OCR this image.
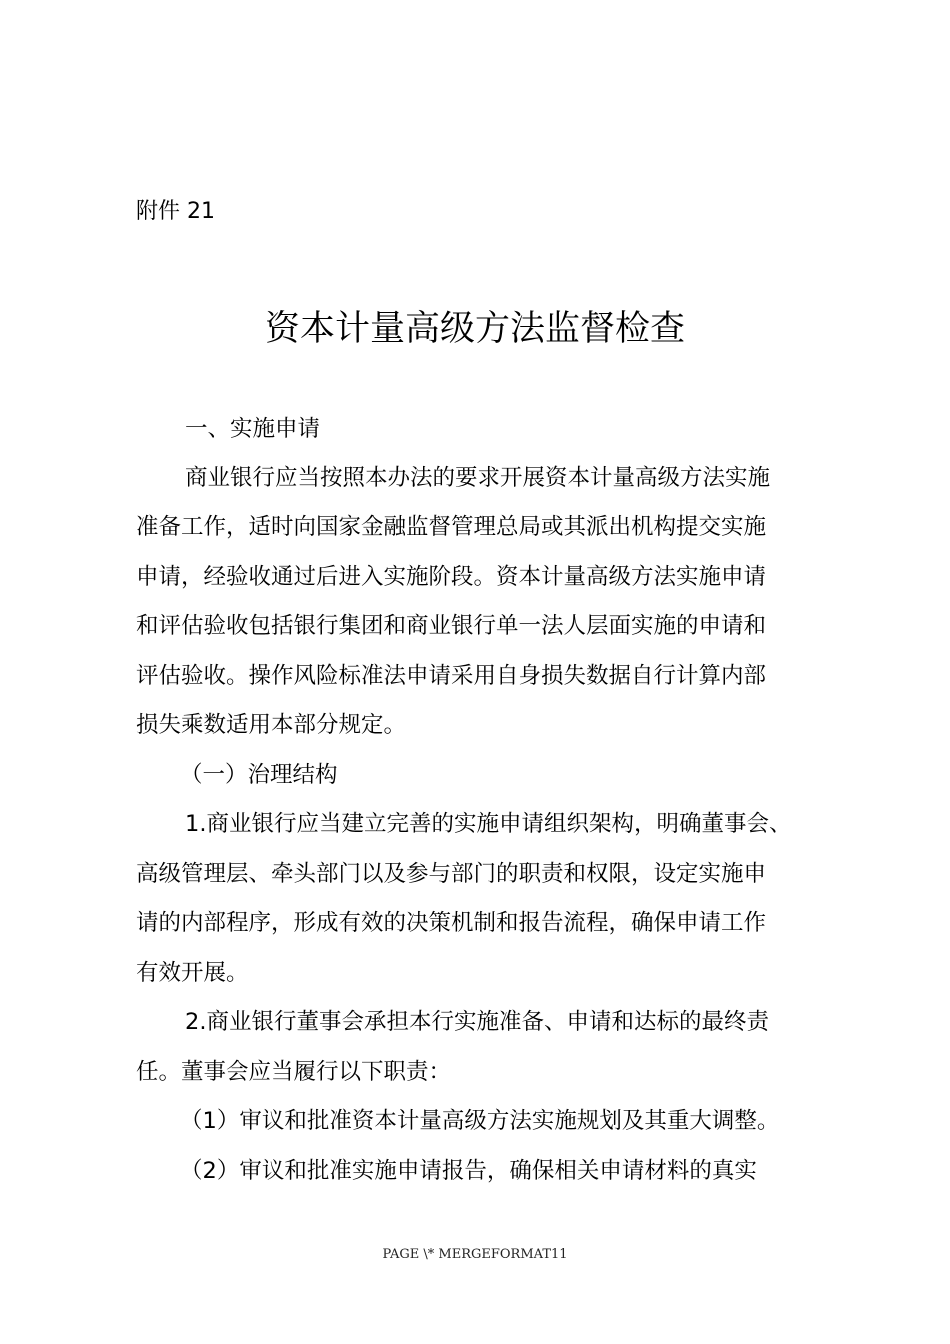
附件 21
资本计量高级方法监督检查
一、实施申请
商业银行应当按照本办法的要求开展资本计量高级方法实施
准备工作，适时向国家金融监督管理总局或其派出机构提交实施
申请，经验收通过后进入实施阶段。资本计量高级方法实施申请
和评估验收包括银行集团和商业银行单一法人层面实施的申请和
评估验收。操作风险标准法申请采用自身损失数据自行计算内部
损失乘数适用本部分规定。
（一）治理结构
1.商业银行应当建立完善的实施申请组织架构，明确董事会、
高级管理层、牵头部门以及参与部门的职责和权限，设定实施申
请的内部程序，形成有效的决策机制和报告流程，确保申请工作
有效开展。
2.商业银行董事会承担本行实施准备、申请和达标的最终责
任。董事会应当履行以下职责：
（1）审议和批准资本计量高级方法实施规划及其重大调整。
（2）审议和批准实施申请报告，确保相关申请材料的真实
PAGE \* MERGEFORMAT11
